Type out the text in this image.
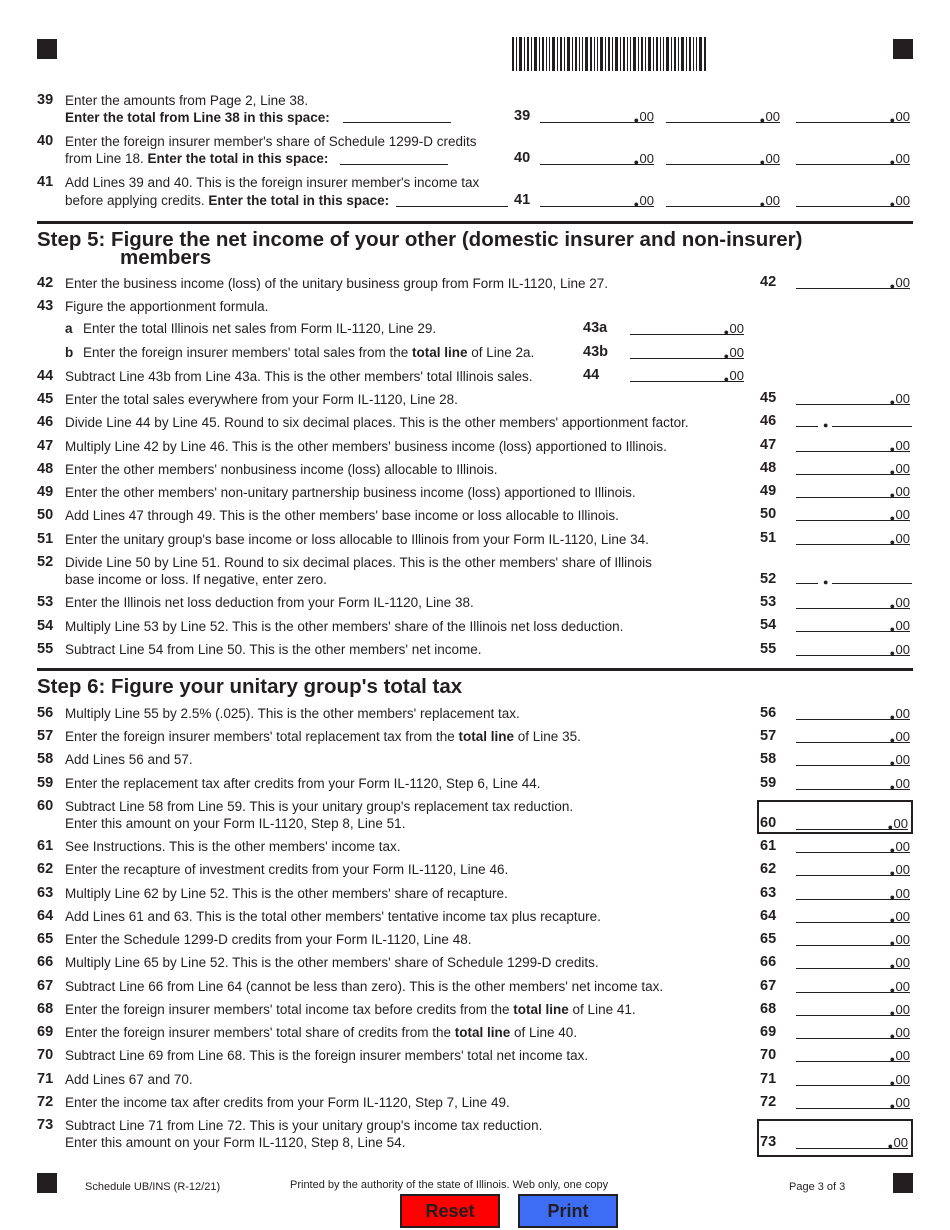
39 Enter the amounts from Page 2, Line 38.
Enter the total from Line 38 in this space:	39	● 00	● 00	● 00
40 Enter the foreign insurer member's share of Schedule 1299-D credits
from Line 18. Enter the total in this space:	40	● 00	● 00	● 00
41 Add Lines 39 and 40. This is the foreign insurer member's income tax
before applying credits. Enter the total in this space:	41	● 00	● 00	● 00
Step 5: Figure the net income of your other (domestic insurer and non-insurer)
members
42 Enter the business income (loss) of the unitary business group from Form IL-1120, Line 27.	42	● 00
43 Figure the apportionment formula.
a Enter the total Illinois net sales from Form IL-1120, Line 29.	43a	● 00
b Enter the foreign insurer members' total sales from the total line of Line 2a.	43b	● 00
44 Subtract Line 43b from Line 43a. This is the other members' total Illinois sales.	44	● 00
45 Enter the total sales everywhere from your Form IL-1120, Line 28.	45	● 00
46 Divide Line 44 by Line 45. Round to six decimal places. This is the other members' apportionment factor.	46	●
47 Multiply Line 42 by Line 46. This is the other members' business income (loss) apportioned to Illinois.	47	● 00
48 Enter the other members' nonbusiness income (loss) allocable to Illinois.	48	● 00
49 Enter the other members' non-unitary partnership business income (loss) apportioned to Illinois.	49	● 00
50 Add Lines 47 through 49. This is the other members' base income or loss allocable to Illinois.	50	● 00
51 Enter the unitary group's base income or loss allocable to Illinois from your Form IL-1120, Line 34.	51	● 00
52 Divide Line 50 by Line 51. Round to six decimal places. This is the other members' share of Illinois
base income or loss. If negative, enter zero.	52	●
53 Enter the Illinois net loss deduction from your Form IL-1120, Line 38.	53	● 00
54 Multiply Line 53 by Line 52. This is the other members' share of the Illinois net loss deduction.	54	● 00
55 Subtract Line 54 from Line 50. This is the other members' net income.	55	● 00
Step 6: Figure your unitary group's total tax
56 Multiply Line 55 by 2.5% (.025). This is the other members' replacement tax.	56	● 00
57 Enter the foreign insurer members' total replacement tax from the total line of Line 35.	57	● 00
58 Add Lines 56 and 57.	58	● 00
59 Enter the replacement tax after credits from your Form IL-1120, Step 6, Line 44.	59	● 00
60 Subtract Line 58 from Line 59. This is your unitary group's replacement tax reduction.
Enter this amount on your Form IL-1120, Step 8, Line 51.	60	● 00
61 See Instructions. This is the other members' income tax.	61	● 00
62 Enter the recapture of investment credits from your Form IL-1120, Line 46.	62	● 00
63 Multiply Line 62 by Line 52. This is the other members' share of recapture.	63	● 00
64 Add Lines 61 and 63. This is the total other members' tentative income tax plus recapture.	64	● 00
65 Enter the Schedule 1299-D credits from your Form IL-1120, Line 48.	65	● 00
66 Multiply Line 65 by Line 52. This is the other members' share of Schedule 1299-D credits.	66	● 00
67 Subtract Line 66 from Line 64 (cannot be less than zero). This is the other members' net income tax.	67	● 00
68 Enter the foreign insurer members' total income tax before credits from the total line of Line 41.	68	● 00
69 Enter the foreign insurer members' total share of credits from the total line of Line 40.	69	● 00
70 Subtract Line 69 from Line 68. This is the foreign insurer members' total net income tax.	70	● 00
71 Add Lines 67 and 70.	71	● 00
72 Enter the income tax after credits from your Form IL-1120, Step 7, Line 49.	72	● 00
73 Subtract Line 71 from Line 72. This is your unitary group's income tax reduction.
Enter this amount on your Form IL-1120, Step 8, Line 54.	73	● 00
Schedule UB/INS (R-12/21)	Printed by the authority of the state of Illinois. Web only, one copy	Page 3 of 3
Reset	Print
